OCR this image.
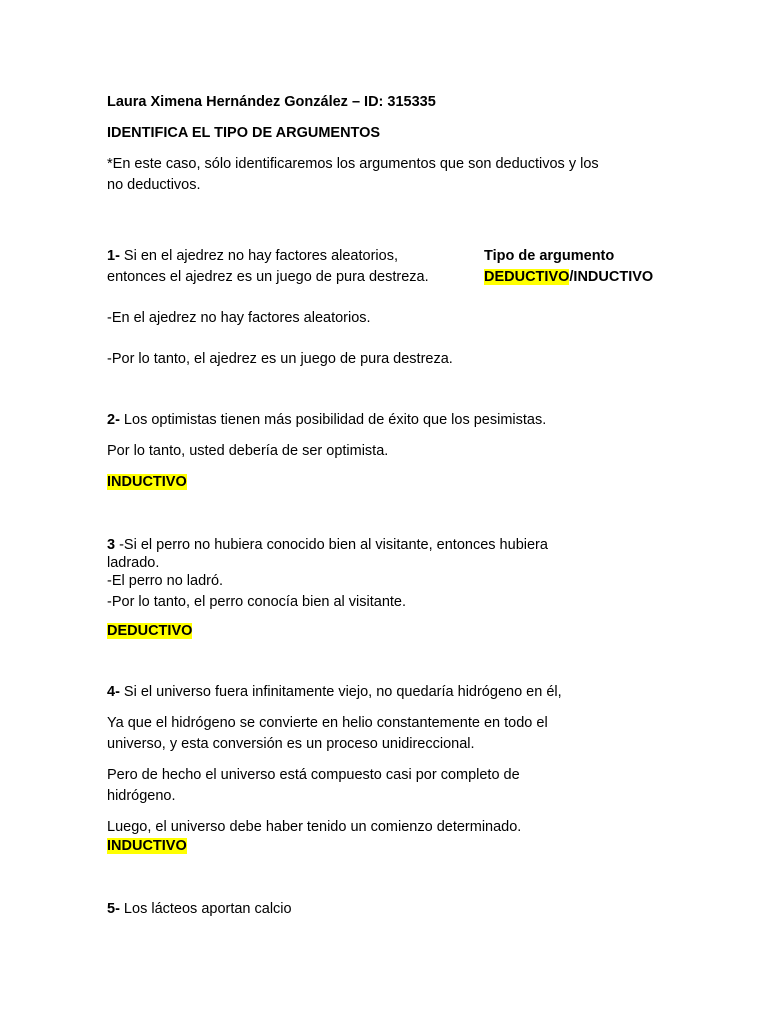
Laura Ximena Hernández González – ID: 315335
IDENTIFICA EL TIPO DE ARGUMENTOS
*En este caso, sólo identificaremos los argumentos que son deductivos y los
no deductivos.
1- Si en el ajedrez no hay factores aleatorios,
entonces el ajedrez es un juego de pura destreza.
Tipo de argumento
DEDUCTIVO/INDUCTIVO
-En el ajedrez no hay factores aleatorios.
-Por lo tanto, el ajedrez es un juego de pura destreza.
2- Los optimistas tienen más posibilidad de éxito que los pesimistas.
Por lo tanto, usted debería de ser optimista.
INDUCTIVO
3 -Si el perro no hubiera conocido bien al visitante, entonces hubiera
ladrado.
-El perro no ladró.
-Por lo tanto, el perro conocía bien al visitante.
DEDUCTIVO
4- Si el universo fuera infinitamente viejo, no quedaría hidrógeno en él,
Ya que el hidrógeno se convierte en helio constantemente en todo el
universo, y esta conversión es un proceso unidireccional.
Pero de hecho el universo está compuesto casi por completo de
hidrógeno.
Luego, el universo debe haber tenido un comienzo determinado.
INDUCTIVO
5- Los lácteos aportan calcio
